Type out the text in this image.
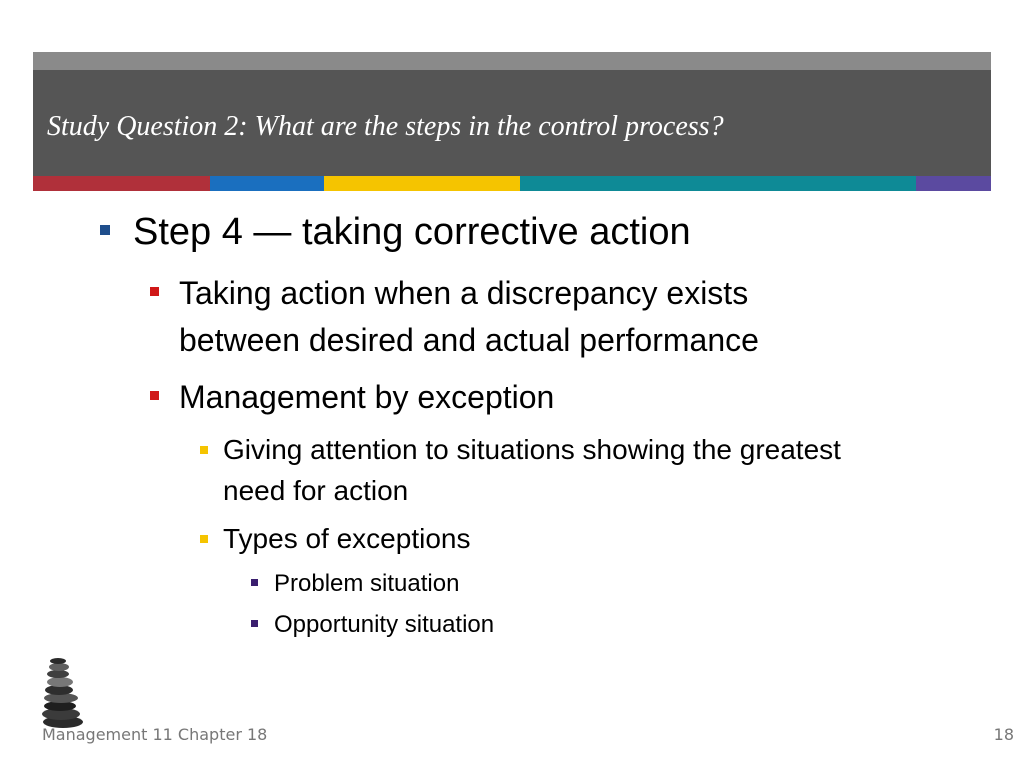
Study Question 2: What are the steps in the control process?
Step 4 — taking corrective action
Taking action when a discrepancy exists
between desired and actual performance
Management by exception
Giving attention to situations showing the greatest
need for action
Types of exceptions
Problem situation
Opportunity situation
Management 11 Chapter 18	18
